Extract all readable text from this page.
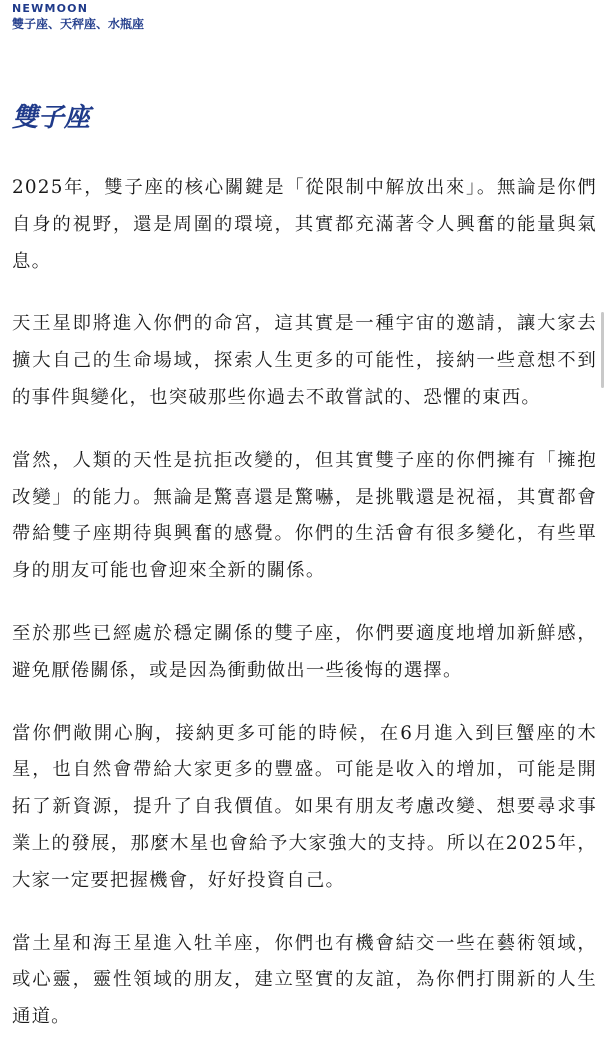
NEWMOON
雙子座、天秤座、水瓶座
雙子座

2025年，雙子座的核心關鍵是「從限制中解放出來」。無論是你們自身的視野，還是周圍的環境，其實都充滿著令人興奮的能量與氣息。

天王星即將進入你們的命宮，這其實是一種宇宙的邀請，讓大家去擴大自己的生命場域，探索人生更多的可能性，接納一些意想不到的事件與變化，也突破那些你過去不敢嘗試的、恐懼的東西。

當然，人類的天性是抗拒改變的，但其實雙子座的你們擁有「擁抱改變」的能力。無論是驚喜還是驚嚇，是挑戰還是祝福，其實都會帶給雙子座期待與興奮的感覺。你們的生活會有很多變化，有些單身的朋友可能也會迎來全新的關係。

至於那些已經處於穩定關係的雙子座，你們要適度地增加新鮮感，避免厭倦關係，或是因為衝動做出一些後悔的選擇。

當你們敞開心胸，接納更多可能的時候，在6月進入到巨蟹座的木星，也自然會帶給大家更多的豐盛。可能是收入的增加，可能是開拓了新資源，提升了自我價值。如果有朋友考慮改變、想要尋求事業上的發展，那麼木星也會給予大家強大的支持。所以在2025年，大家一定要把握機會，好好投資自己。

當土星和海王星進入牡羊座，你們也有機會結交一些在藝術領域，或心靈，靈性領域的朋友，建立堅實的友誼，為你們打開新的人生通道。
